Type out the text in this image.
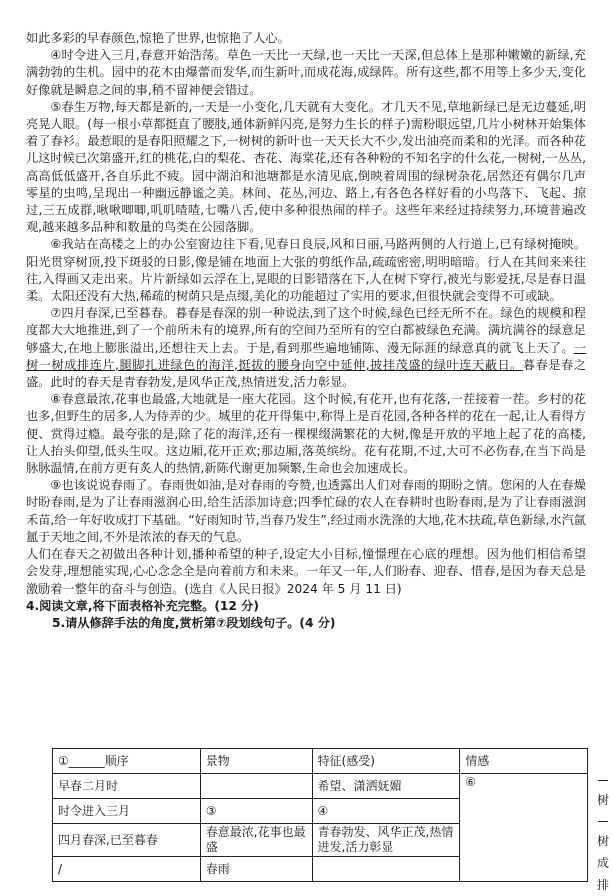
如此多彩的早春颜色,惊艳了世界,也惊艳了人心。

④时令进入三月,春意开始浩荡。草色一天比一天绿,也一天比一天深,但总体上是那种嫩嫩的新绿,充满勃勃的生机。园中的花木由爆蕾而发华,而生新叶,而成花海,成绿阵。所有这些,都不用等上多少天,变化好像就是瞬息之间的事,稍不留神便会错过。

⑤春生万物,每天都是新的,一天是一小变化,几天就有大变化。才几天不见,草地新绿已是无边蔓延,明亮晃人眼。(每一根小草都挺直了腰肢,通体新鲜闪亮,是努力生长的样子)需粉眼远望,几片小树林开始集体着了春衫。最惹眼的是春阳照耀之下,一树树的新叶也一天天长大不少,发出油亮而柔和的光泽。而各种花儿这时候已次第盛开,红的桃花,白的梨花、杏花、海棠花,还有各种粉的不知名字的什么花,一树树,一丛丛,高高低低盛开,各自乐此不疲。园中湖泊和池塘都是水清见底,倒映着周围的绿树杂花,居然还有偶尔几声零星的虫鸣,呈现出一种幽远静谧之美。林间、花丛,河边、路上,有各色各样好看的小鸟落下、飞起、掠过,三五成群,啾啾唧唧,叽叽喳喳,七嘴八舌,使中多种很热闹的样子。这些年来经过持续努力,环境普遍改观,越来越多品种和数量的鸟类在公园落脚。

⑥我站在高楼之上的办公室窗边往下看,见春日良辰,风和日丽,马路两侧的人行道上,已有绿树掩映。阳光贯穿树顶,投下斑驳的日影,像是铺在地面上大张的剪纸作品,疏疏密密,明明暗暗。行人在其间来来往往,入得画又走出来。片片新绿如云浮在上,晃眼的日影错落在下,人在树下穿行,被光与影爱抚,尽是春日温柔。太阳还没有大热,稀疏的树荫只是点缀,美化的功能超过了实用的要求,但很快就会变得不可或缺。

⑦四月春深,已至暮春。暮春是春深的别一种说法,到了这个时候,绿色已经无所不在。绿色的规模和程度都大大地推进,到了一个前所未有的境界,所有的空间乃至所有的空白都被绿色充满。满坑满谷的绿意足够盛大,在地上膨胀溢出,还想往天上去。于是,看到那些遍地铺陈、漫无际涯的绿意真的就飞上天了。一树一树成排连片,腿脚扎进绿色的海洋,挺拔的腰身向空中延伸,披挂茂盛的绿叶连天蔽日。暮春是春之盛。此时的春天是青春勃发,是风华正茂,热情迸发,活力彰显。

⑧春意最浓,花事也最盛,大地就是一座大花园。这个时候,有花开,也有花落,一茬接着一茬。乡村的花也多,但野生的居多,人为侍弄的少。城里的花开得集中,称得上是百花园,各种各样的花在一起,让人看得方便、赏得过瘾。最夸张的是,除了花的海洋,还有一棵棵缀满繁花的大树,像是开放的平地上起了花的高楼,让人抬头仰望,低头生叹。这边厢,花开正欢;那边厢,落英缤纷。花有花期,不过,大可不必伤春,在当下尚是脉脉温情,在前方更有炙人的热情,新陈代谢更加频繁,生命也会加速成长。

⑨也该说说春雨了。春雨贵如油,是对春雨的夸赞,也透露出人们对春雨的期盼之情。您闲的人在春燥时盼春雨,是为了让春雨滋润心田,给生活添加诗意;四季忙碌的农人在春耕时也盼春雨,是为了让春雨滋润禾苗,给一年好收成打下基础。“好雨知时节,当春乃发生”,经过雨水洗涤的大地,花木扶疏,草色新绿,水汽氤氲于天地之间,不外是浓浓的春天的气息。

人们在春天之初做出各种计划,播种希望的种子,设定大小目标,憧憬理在心底的理想。因为他们相信希望会发芽,理想能实现,心心念念全是向着前方和未来。一年又一年,人们盼春、迎春、惜春,是因为春天总是激励着一整年的奋斗与创造。(选自《人民日报》2024 年 5 月 11 日)

4.阅读文章,将下面表格补充完整。(12 分)

5.请从修辞手法的角度,赏析第⑦段划线句子。(4 分)

①______顺序	景物	特征(感受)	情感
早春二月时		希望、潇洒妩媚	⑥
时令进入三月	③	④	
四月春深,已至暮春	春意最浓,花事也最盛	青春勃发、风华正茂,热情迸发,活力彰显	
/	春雨		
树
树
成
排
